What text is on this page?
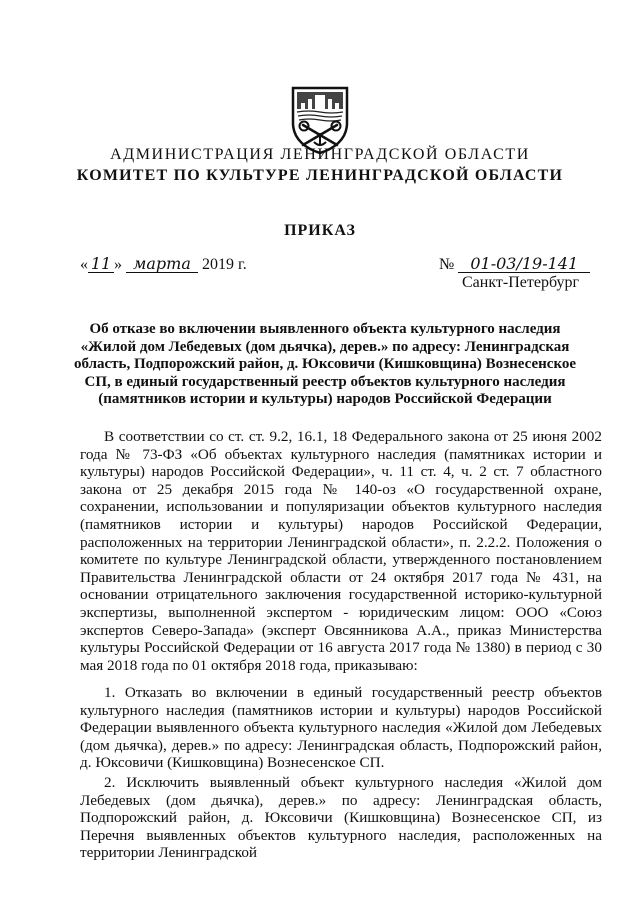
АДМИНИСТРАЦИЯ ЛЕНИНГРАДСКОЙ ОБЛАСТИ
КОМИТЕТ ПО КУЛЬТУРЕ ЛЕНИНГРАДСКОЙ ОБЛАСТИ
ПРИКАЗ
« 11 » марта 2019 г.	№ 01-03/19-141
Санкт-Петербург
Об отказе во включении выявленного объекта культурного наследия «Жилой дом Лебедевых (дом дьячка), дерев.» по адресу: Ленинградская область, Подпорожский район, д. Юксовичи (Кишковщина) Вознесенское СП, в единый государственный реестр объектов культурного наследия (памятников истории и культуры) народов Российской Федерации
В соответствии со ст. ст. 9.2, 16.1, 18 Федерального закона от 25 июня 2002 года № 73-ФЗ «Об объектах культурного наследия (памятниках истории и культуры) народов Российской Федерации», ч. 11 ст. 4, ч. 2 ст. 7 областного закона от 25 декабря 2015 года № 140-оз «О государственной охране, сохранении, использовании и популяризации объектов культурного наследия (памятников истории и культуры) народов Российской Федерации, расположенных на территории Ленинградской области», п. 2.2.2. Положения о комитете по культуре Ленинградской области, утвержденного постановлением Правительства Ленинградской области от 24 октября 2017 года № 431, на основании отрицательного заключения государственной историко-культурной экспертизы, выполненной экспертом - юридическим лицом: ООО «Союз экспертов Северо-Запада» (эксперт Овсянникова А.А., приказ Министерства культуры Российской Федерации от 16 августа 2017 года № 1380) в период с 30 мая 2018 года по 01 октября 2018 года, приказываю:
1. Отказать во включении в единый государственный реестр объектов культурного наследия (памятников истории и культуры) народов Российской Федерации выявленного объекта культурного наследия «Жилой дом Лебедевых (дом дьячка), дерев.» по адресу: Ленинградская область, Подпорожский район, д. Юксовичи (Кишковщина) Вознесенское СП.
2. Исключить выявленный объект культурного наследия «Жилой дом Лебедевых (дом дьячка), дерев.» по адресу: Ленинградская область, Подпорожский район, д. Юксовичи (Кишковщина) Вознесенское СП, из Перечня выявленных объектов культурного наследия, расположенных на территории Ленинградской
